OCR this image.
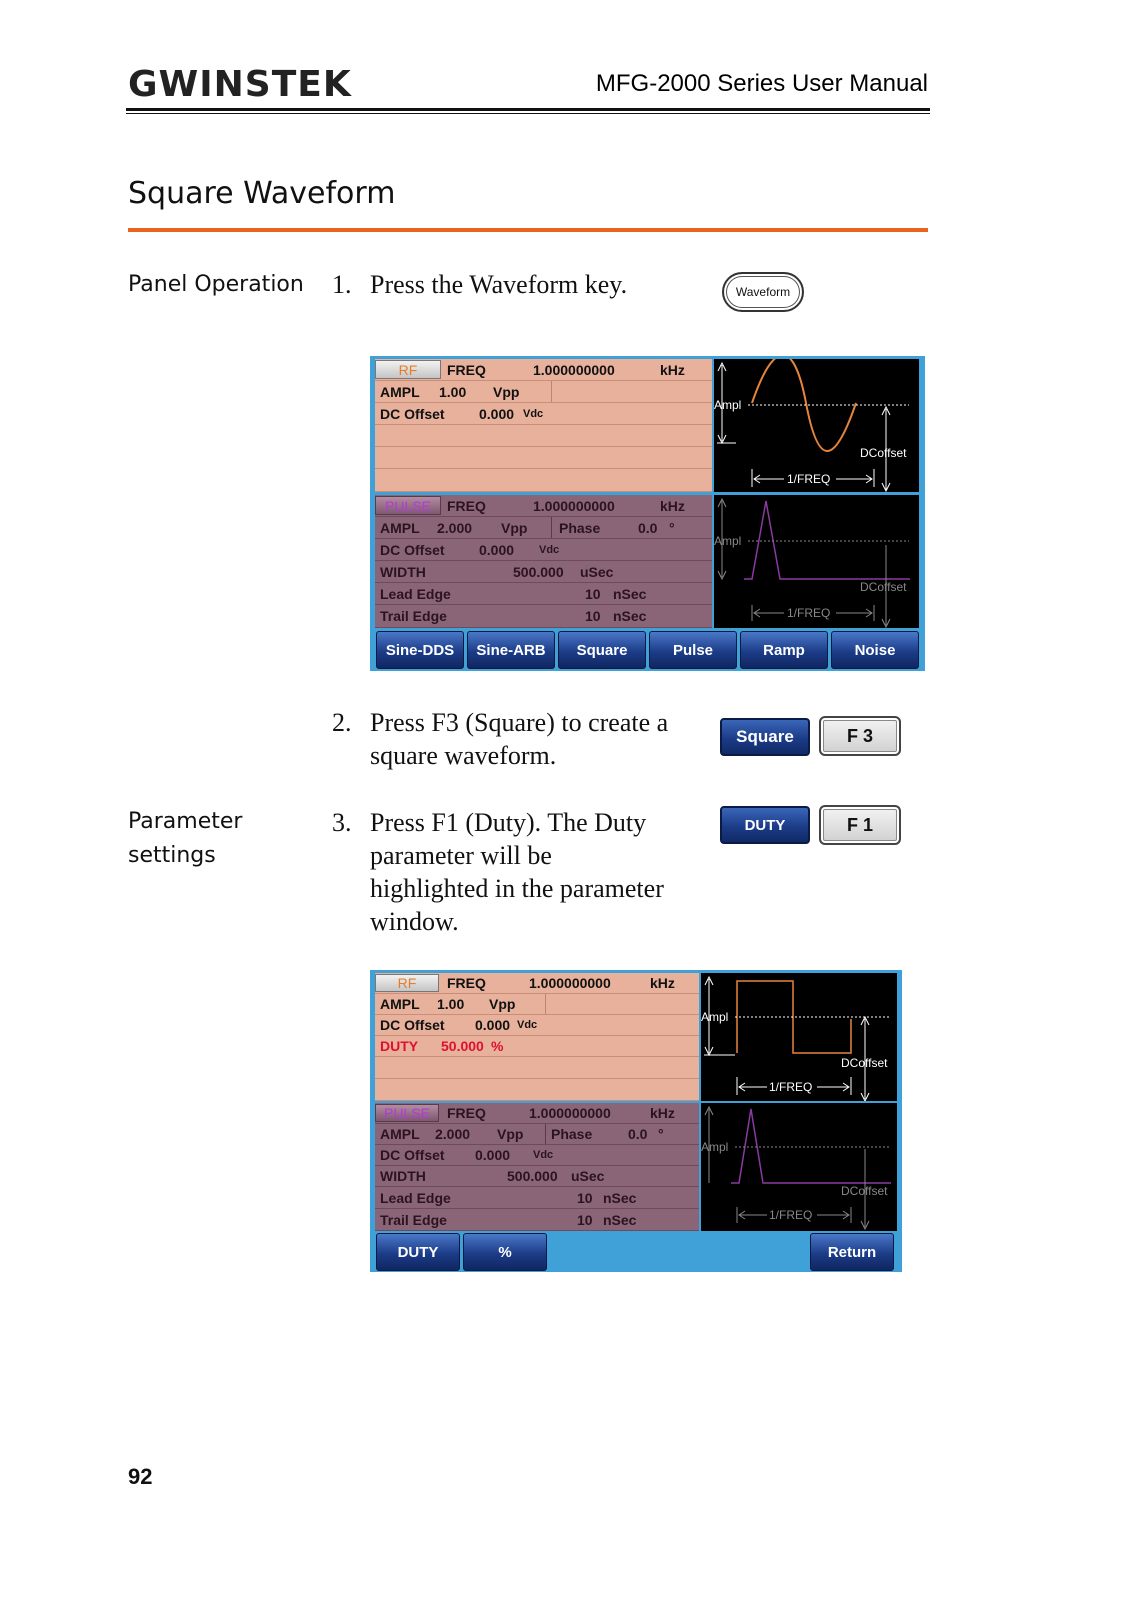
GWINSTEK	MFG-2000 Series User Manual
Square Waveform
Panel Operation
Parameter
settings
1. Press the Waveform key.	Waveform
FREQ	1.000000000	kHz
RF
AMPL 1.00 Vpp
DC Offset 0.000 Vdc
Ampl
DCoffset
1/FREQ
FREQ	1.000000000	kHz
PULSE
AMPL 2.000 Vpp Phase	0.0 °
DC Offset 0.000 Vdc
WIDTH	500.000 uSec
Lead Edge	10 nSec
Trail Edge	10 nSec
Ampl
DCoffset
1/FREQ
Sine-DDS	Sine-ARB	Square	Pulse	Ramp	Noise
2. Press F3 (Square) to create a
square waveform.
Square	F 3
3. Press F1 (Duty). The Duty
parameter will be
highlighted in the parameter
window.
DUTY	F 1
FREQ	1.000000000	kHz
RF
AMPL 1.00 Vpp
DC Offset 0.000 Vdc
DUTY 50.000 %
Ampl
DCoffset
1/FREQ
FREQ	1.000000000	kHz
PULSE
AMPL 2.000 Vpp Phase	0.0 °
DC Offset 0.000 Vdc
WIDTH	500.000 uSec
Lead Edge	10 nSec
Trail Edge	10 nSec
Ampl
DCoffset
1/FREQ
DUTY	%	Return
92
